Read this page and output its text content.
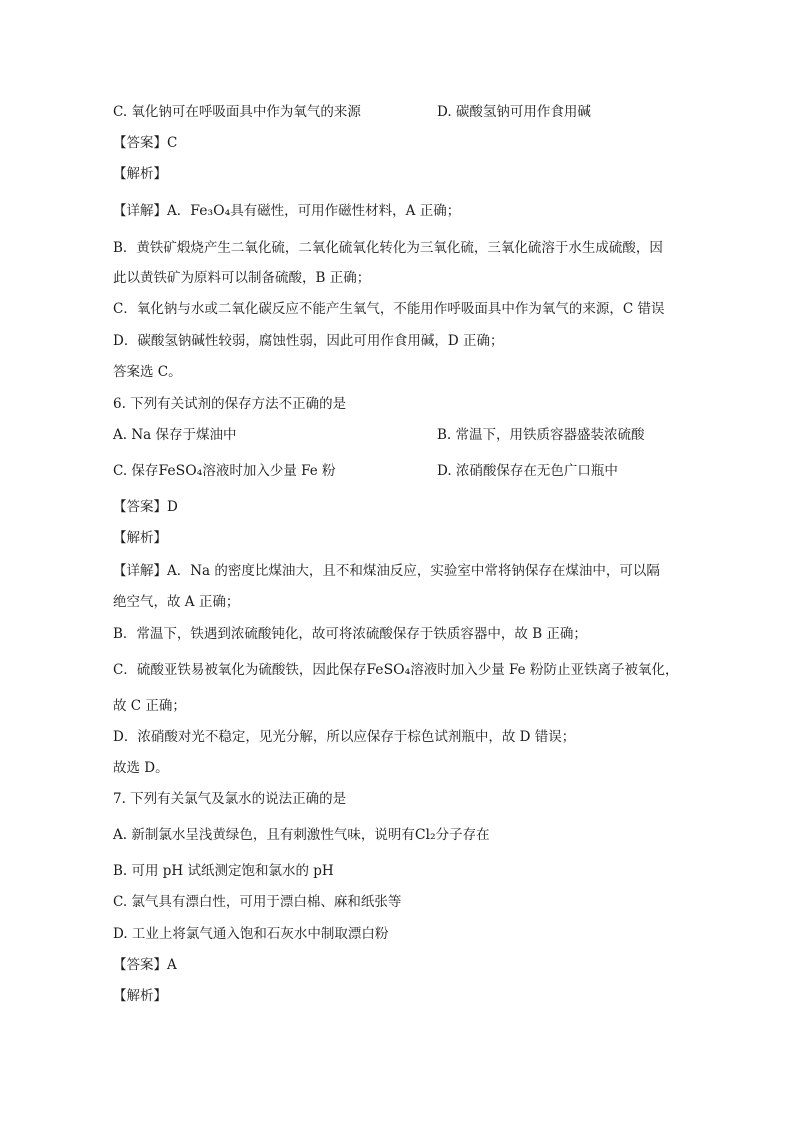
C. 氧化钠可在呼吸面具中作为氧气的来源	D. 碳酸氢钠可用作食用碱
【答案】C
【解析】
【详解】A．Fe₃O₄具有磁性，可用作磁性材料，A 正确；
B．黄铁矿煅烧产生二氧化硫，二氧化硫氧化转化为三氧化硫，三氧化硫溶于水生成硫酸，因
此以黄铁矿为原料可以制备硫酸，B 正确；
C．氧化钠与水或二氧化碳反应不能产生氧气，不能用作呼吸面具中作为氧气的来源，C 错误
D．碳酸氢钠碱性较弱，腐蚀性弱，因此可用作食用碱，D 正确；
答案选 C。
6. 下列有关试剂的保存方法不正确的是
A. Na 保存于煤油中	B. 常温下，用铁质容器盛装浓硫酸
C. 保存FeSO₄溶液时加入少量 Fe 粉	D. 浓硝酸保存在无色广口瓶中
【答案】D
【解析】
【详解】A．Na 的密度比煤油大，且不和煤油反应，实验室中常将钠保存在煤油中，可以隔
绝空气，故 A 正确；
B．常温下，铁遇到浓硫酸钝化，故可将浓硫酸保存于铁质容器中，故 B 正确；
C．硫酸亚铁易被氧化为硫酸铁，因此保存FeSO₄溶液时加入少量 Fe 粉防止亚铁离子被氧化，
故 C 正确；
D．浓硝酸对光不稳定，见光分解，所以应保存于棕色试剂瓶中，故 D 错误；
故选 D。
7. 下列有关氯气及氯水的说法正确的是
A. 新制氯水呈浅黄绿色，且有刺激性气味，说明有Cl₂分子存在
B. 可用 pH 试纸测定饱和氯水的 pH
C. 氯气具有漂白性，可用于漂白棉、麻和纸张等
D. 工业上将氯气通入饱和石灰水中制取漂白粉
【答案】A
【解析】
